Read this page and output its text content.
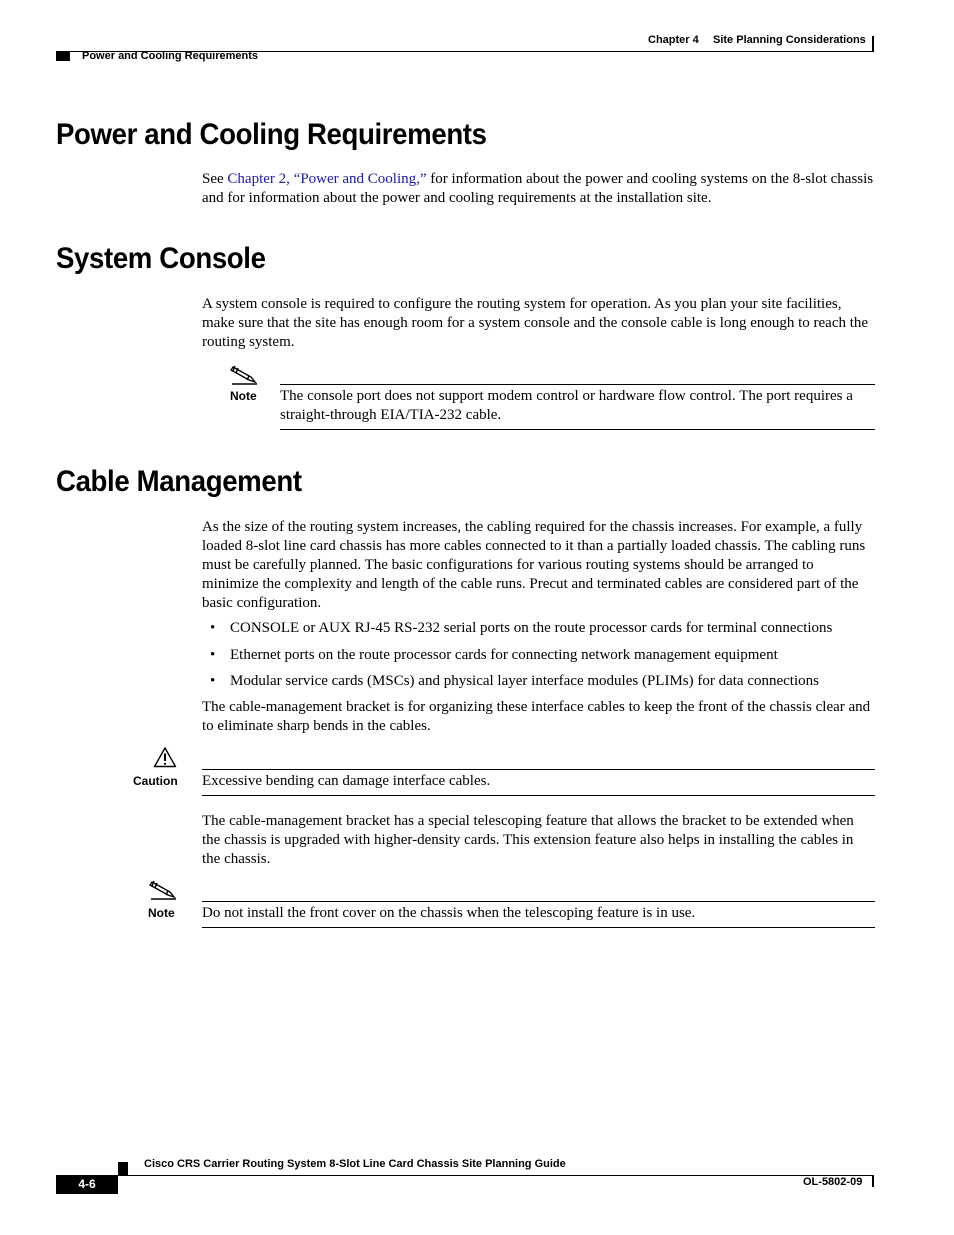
Chapter 4 Site Planning Considerations
Power and Cooling Requirements
Power and Cooling Requirements
See Chapter 2, “Power and Cooling,” for information about the power and cooling systems on the 8-slot chassis and for information about the power and cooling requirements at the installation site.
System Console
A system console is required to configure the routing system for operation. As you plan your site facilities, make sure that the site has enough room for a system console and the console cable is long enough to reach the routing system.
Note The console port does not support modem control or hardware flow control. The port requires a straight-through EIA/TIA-232 cable.
Cable Management
As the size of the routing system increases, the cabling required for the chassis increases. For example, a fully loaded 8-slot line card chassis has more cables connected to it than a partially loaded chassis. The cabling runs must be carefully planned. The basic configurations for various routing systems should be arranged to minimize the complexity and length of the cable runs. Precut and terminated cables are considered part of the basic configuration.
• CONSOLE or AUX RJ-45 RS-232 serial ports on the route processor cards for terminal connections
• Ethernet ports on the route processor cards for connecting network management equipment
• Modular service cards (MSCs) and physical layer interface modules (PLIMs) for data connections
The cable-management bracket is for organizing these interface cables to keep the front of the chassis clear and to eliminate sharp bends in the cables.
Caution Excessive bending can damage interface cables.
The cable-management bracket has a special telescoping feature that allows the bracket to be extended when the chassis is upgraded with higher-density cards. This extension feature also helps in installing the cables in the chassis.
Note Do not install the front cover on the chassis when the telescoping feature is in use.
Cisco CRS Carrier Routing System 8-Slot Line Card Chassis Site Planning Guide
4-6	OL-5802-09
